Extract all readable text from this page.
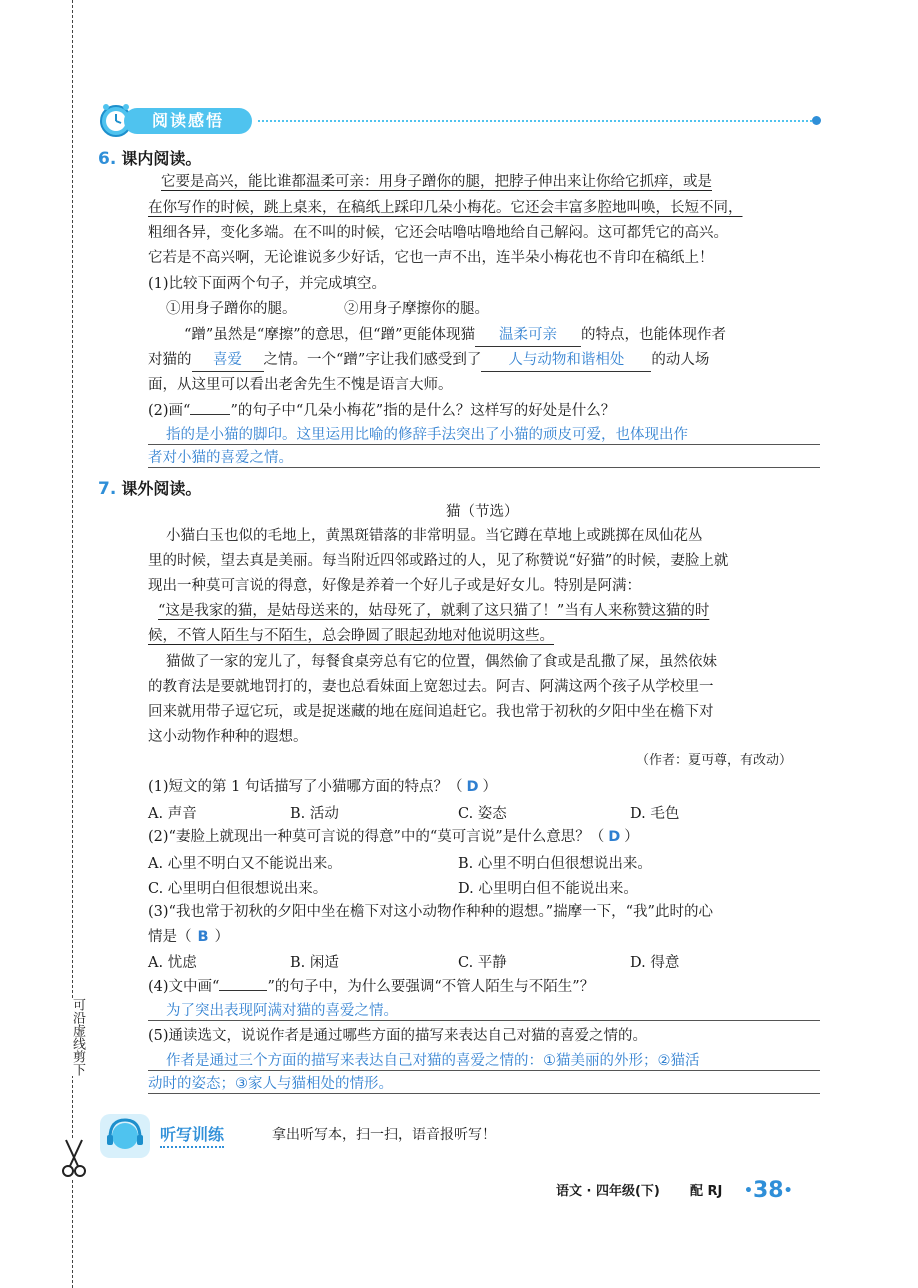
可沿虚线剪下
阅读感悟
6. 课内阅读。
它要是高兴，能比谁都温柔可亲：用身子蹭你的腿，把脖子伸出来让你给它抓痒，或是
在你写作的时候，跳上桌来，在稿纸上踩印几朵小梅花。它还会丰富多腔地叫唤，长短不同，
粗细各异，变化多端。在不叫的时候，它还会咕噜咕噜地给自己解闷。这可都凭它的高兴。
它若是不高兴啊，无论谁说多少好话，它也一声不出，连半朵小梅花也不肯印在稿纸上！
(1)比较下面两个句子，并完成填空。
①用身子蹭你的腿。	②用身子摩擦你的腿。
“蹭”虽然是“摩擦”的意思，但“蹭”更能体现猫 温柔可亲 的特点，也能体现作者
对猫的 喜爱 之情。一个“蹭”字让我们感受到了 人与动物和谐相处 的动人场
面，从这里可以看出老舍先生不愧是语言大师。
(2)画“	”的句子中“几朵小梅花”指的是什么？这样写的好处是什么？
指的是小猫的脚印。这里运用比喻的修辞手法突出了小猫的顽皮可爱，也体现出作
者对小猫的喜爱之情。
7. 课外阅读。
猫（节选）
小猫白玉也似的毛地上，黄黑斑错落的非常明显。当它蹲在草地上或跳掷在凤仙花丛
里的时候，望去真是美丽。每当附近四邻或路过的人，见了称赞说“好猫”的时候，妻脸上就
现出一种莫可言说的得意，好像是养着一个好儿子或是好女儿。特别是阿满：
“这是我家的猫，是姑母送来的，姑母死了，就剩了这只猫了！”当有人来称赞这猫的时
候，不管人陌生与不陌生，总会睁圆了眼起劲地对他说明这些。
猫做了一家的宠儿了，每餐食桌旁总有它的位置，偶然偷了食或是乱撒了屎，虽然依妹
的教育法是要就地罚打的，妻也总看妹面上宽恕过去。阿吉、阿满这两个孩子从学校里一
回来就用带子逗它玩，或是捉迷藏的地在庭间追赶它。我也常于初秋的夕阳中坐在檐下对
这小动物作种种的遐想。
（作者：夏丏尊，有改动）
(1)短文的第 1 句话描写了小猫哪方面的特点？（ D ）
A. 声音	B. 活动	C. 姿态	D. 毛色
(2)“妻脸上就现出一种莫可言说的得意”中的“莫可言说”是什么意思？（ D ）
A. 心里不明白又不能说出来。	B. 心里不明白但很想说出来。
C. 心里明白但很想说出来。	D. 心里明白但不能说出来。
(3)“我也常于初秋的夕阳中坐在檐下对这小动物作种种的遐想。”揣摩一下，“我”此时的心
情是（ B ）
A. 忧虑	B. 闲适	C. 平静	D. 得意
(4)文中画“	”的句子中，为什么要强调“不管人陌生与不陌生”？
为了突出表现阿满对猫的喜爱之情。
(5)通读选文，说说作者是通过哪些方面的描写来表达自己对猫的喜爱之情的。
作者是通过三个方面的描写来表达自己对猫的喜爱之情的：①猫美丽的外形；②猫活
动时的姿态；③家人与猫相处的情形。
听写训练	拿出听写本，扫一扫，语音报听写！
语文 · 四年级(下) 配 RJ •38•
